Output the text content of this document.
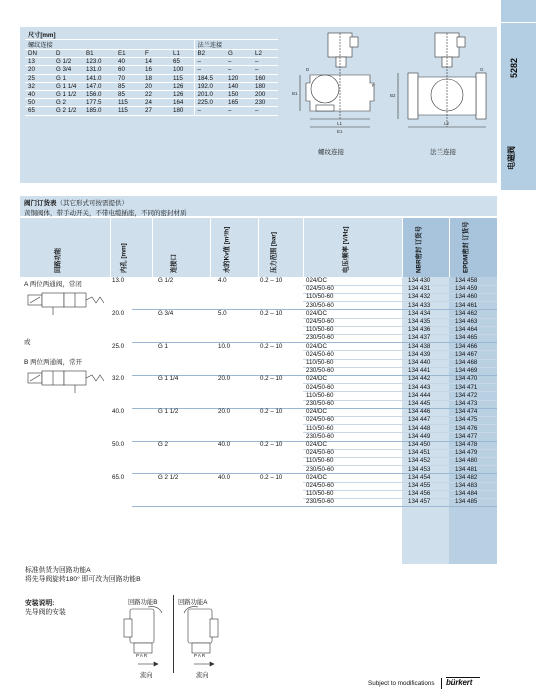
5282
电磁阀
尺寸[mm]								
螺纹连接						法兰连接		
DN	D	B1	E1	F	L1	B2	G	L2
13	G 1/2	123.0	40	14	65	–	–	–
20	G 3/4	131.0	60	16	100	–	–	–
25	G 1	141.0	70	18	115	184.5	120	160
32	G 1 1/4	147.0	85	20	126	192.0	140	180
40	G 1 1/2	156.0	85	22	126	201.0	150	200
50	G 2	177.5	115	24	164	225.0	165	230
65	G 2 1/2	185.0	115	27	180	–	–	–
B1	B2
L1	L2
E1
F
G
D
螺纹连接	法兰连接
阀门订货表（其它形式可按需提供）
黄铜阀体，带手动开关，不带电缆插座，不同的密封材质
回路功能	内孔 [mm]	连接口	水的Kv值 [m³/h]	压力范围 [bar]	电压/频率 [V/Hz]	NBR密封 订货号	EPDM密封 订货号
A 两位两通阀，常闭
或
B 两位两通阀，常开
13.0	G 1/2	4.0	0.2 – 10	024/DC	134 430	134 458
024/50-60	134 431	134 459
110/50-60	134 432	134 460
230/50-60	134 433	134 461
20.0	G 3/4	5.0	0.2 – 10	024/DC	134 434	134 462
024/50-60	134 435	134 463
110/50-60	134 436	134 464
230/50-60	134 437	134 465
25.0	G 1	10.0	0.2 – 10	024/DC	134 438	134 466
024/50-60	134 439	134 467
110/50-60	134 440	134 468
230/50-60	134 441	134 469
32.0	G 1 1/4	20.0	0.2 – 10	024/DC	134 442	134 470
024/50-60	134 443	134 471
110/50-60	134 444	134 472
230/50-60	134 445	134 473
40.0	G 1 1/2	20.0	0.2 – 10	024/DC	134 446	134 474
024/50-60	134 447	134 475
110/50-60	134 448	134 476
230/50-60	134 449	134 477
50.0	G 2	40.0	0.2 – 10	024/DC	134 450	134 478
024/50-60	134 451	134 479
110/50-60	134 452	134 480
230/50-60	134 453	134 481
65.0	G 2 1/2	40.0	0.2 – 10	024/DC	134 454	134 482
024/50-60	134 455	134 483
110/50-60	134 456	134 484
230/50-60	134 457	134 485
标准供货为回路功能A
将先导阀旋转180° 即可改为回路功能B
安装说明:
先导阀的安装
回路功能B	回路功能A
P A R	P A R
流向	流向
Subject to modifications bürkert
